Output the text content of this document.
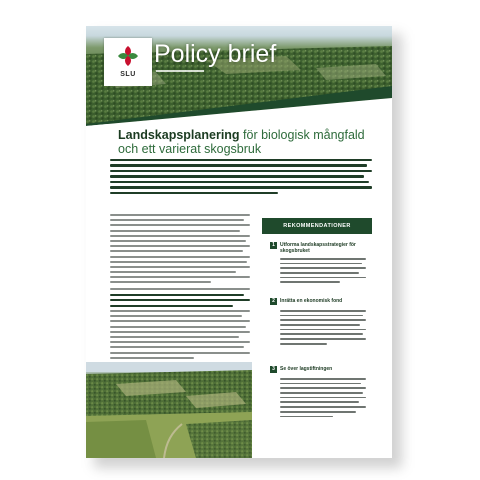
SLU
Policy brief
Landskapsplanering för biologisk mångfald och ett varierat skogsbruk
REKOMMENDATIONER
1	Utforma landskapsstrategier för skogsbruket
2	Inrätta en ekonomisk fond
3	Se över lagstiftningen
